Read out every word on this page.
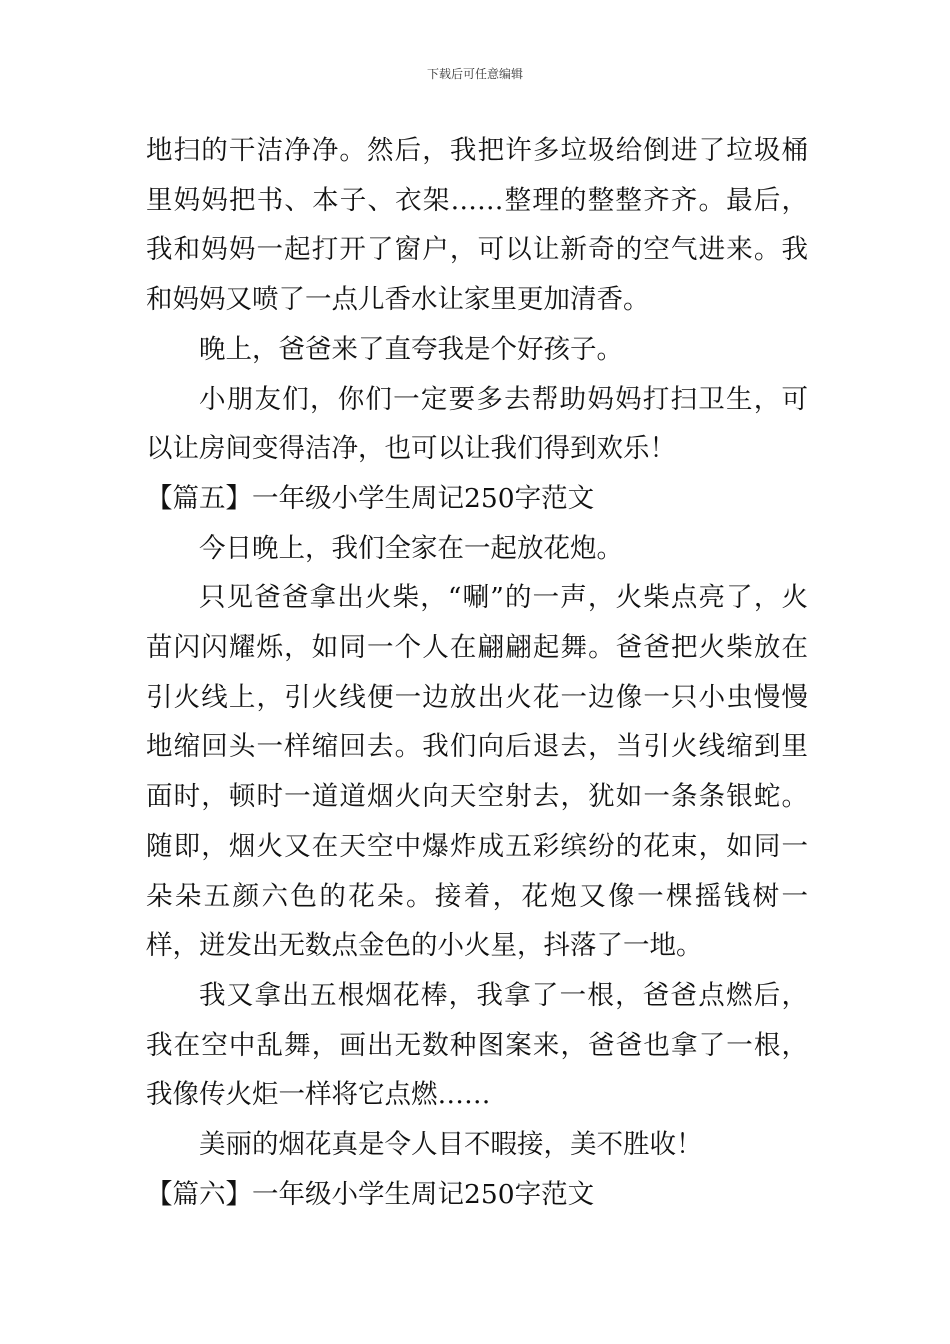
下载后可任意编辑

地扫的干洁净净。然后，我把许多垃圾给倒进了垃圾桶里妈妈把书、本子、衣架……整理的整整齐齐。最后，我和妈妈一起打开了窗户，可以让新奇的空气进来。我和妈妈又喷了一点儿香水让家里更加清香。

晚上，爸爸来了直夸我是个好孩子。

小朋友们，你们一定要多去帮助妈妈打扫卫生，可以让房间变得洁净，也可以让我们得到欢乐！

【篇五】一年级小学生周记250字范文

今日晚上，我们全家在一起放花炮。

只见爸爸拿出火柴，“唰”的一声，火柴点亮了，火苗闪闪耀烁，如同一个人在翩翩起舞。爸爸把火柴放在引火线上，引火线便一边放出火花一边像一只小虫慢慢地缩回头一样缩回去。我们向后退去，当引火线缩到里面时，顿时一道道烟火向天空射去，犹如一条条银蛇。随即，烟火又在天空中爆炸成五彩缤纷的花束，如同一朵朵五颜六色的花朵。接着，花炮又像一棵摇钱树一样，迸发出无数点金色的小火星，抖落了一地。

我又拿出五根烟花棒，我拿了一根，爸爸点燃后，我在空中乱舞，画出无数种图案来，爸爸也拿了一根，我像传火炬一样将它点燃……

美丽的烟花真是令人目不暇接，美不胜收！

【篇六】一年级小学生周记250字范文
